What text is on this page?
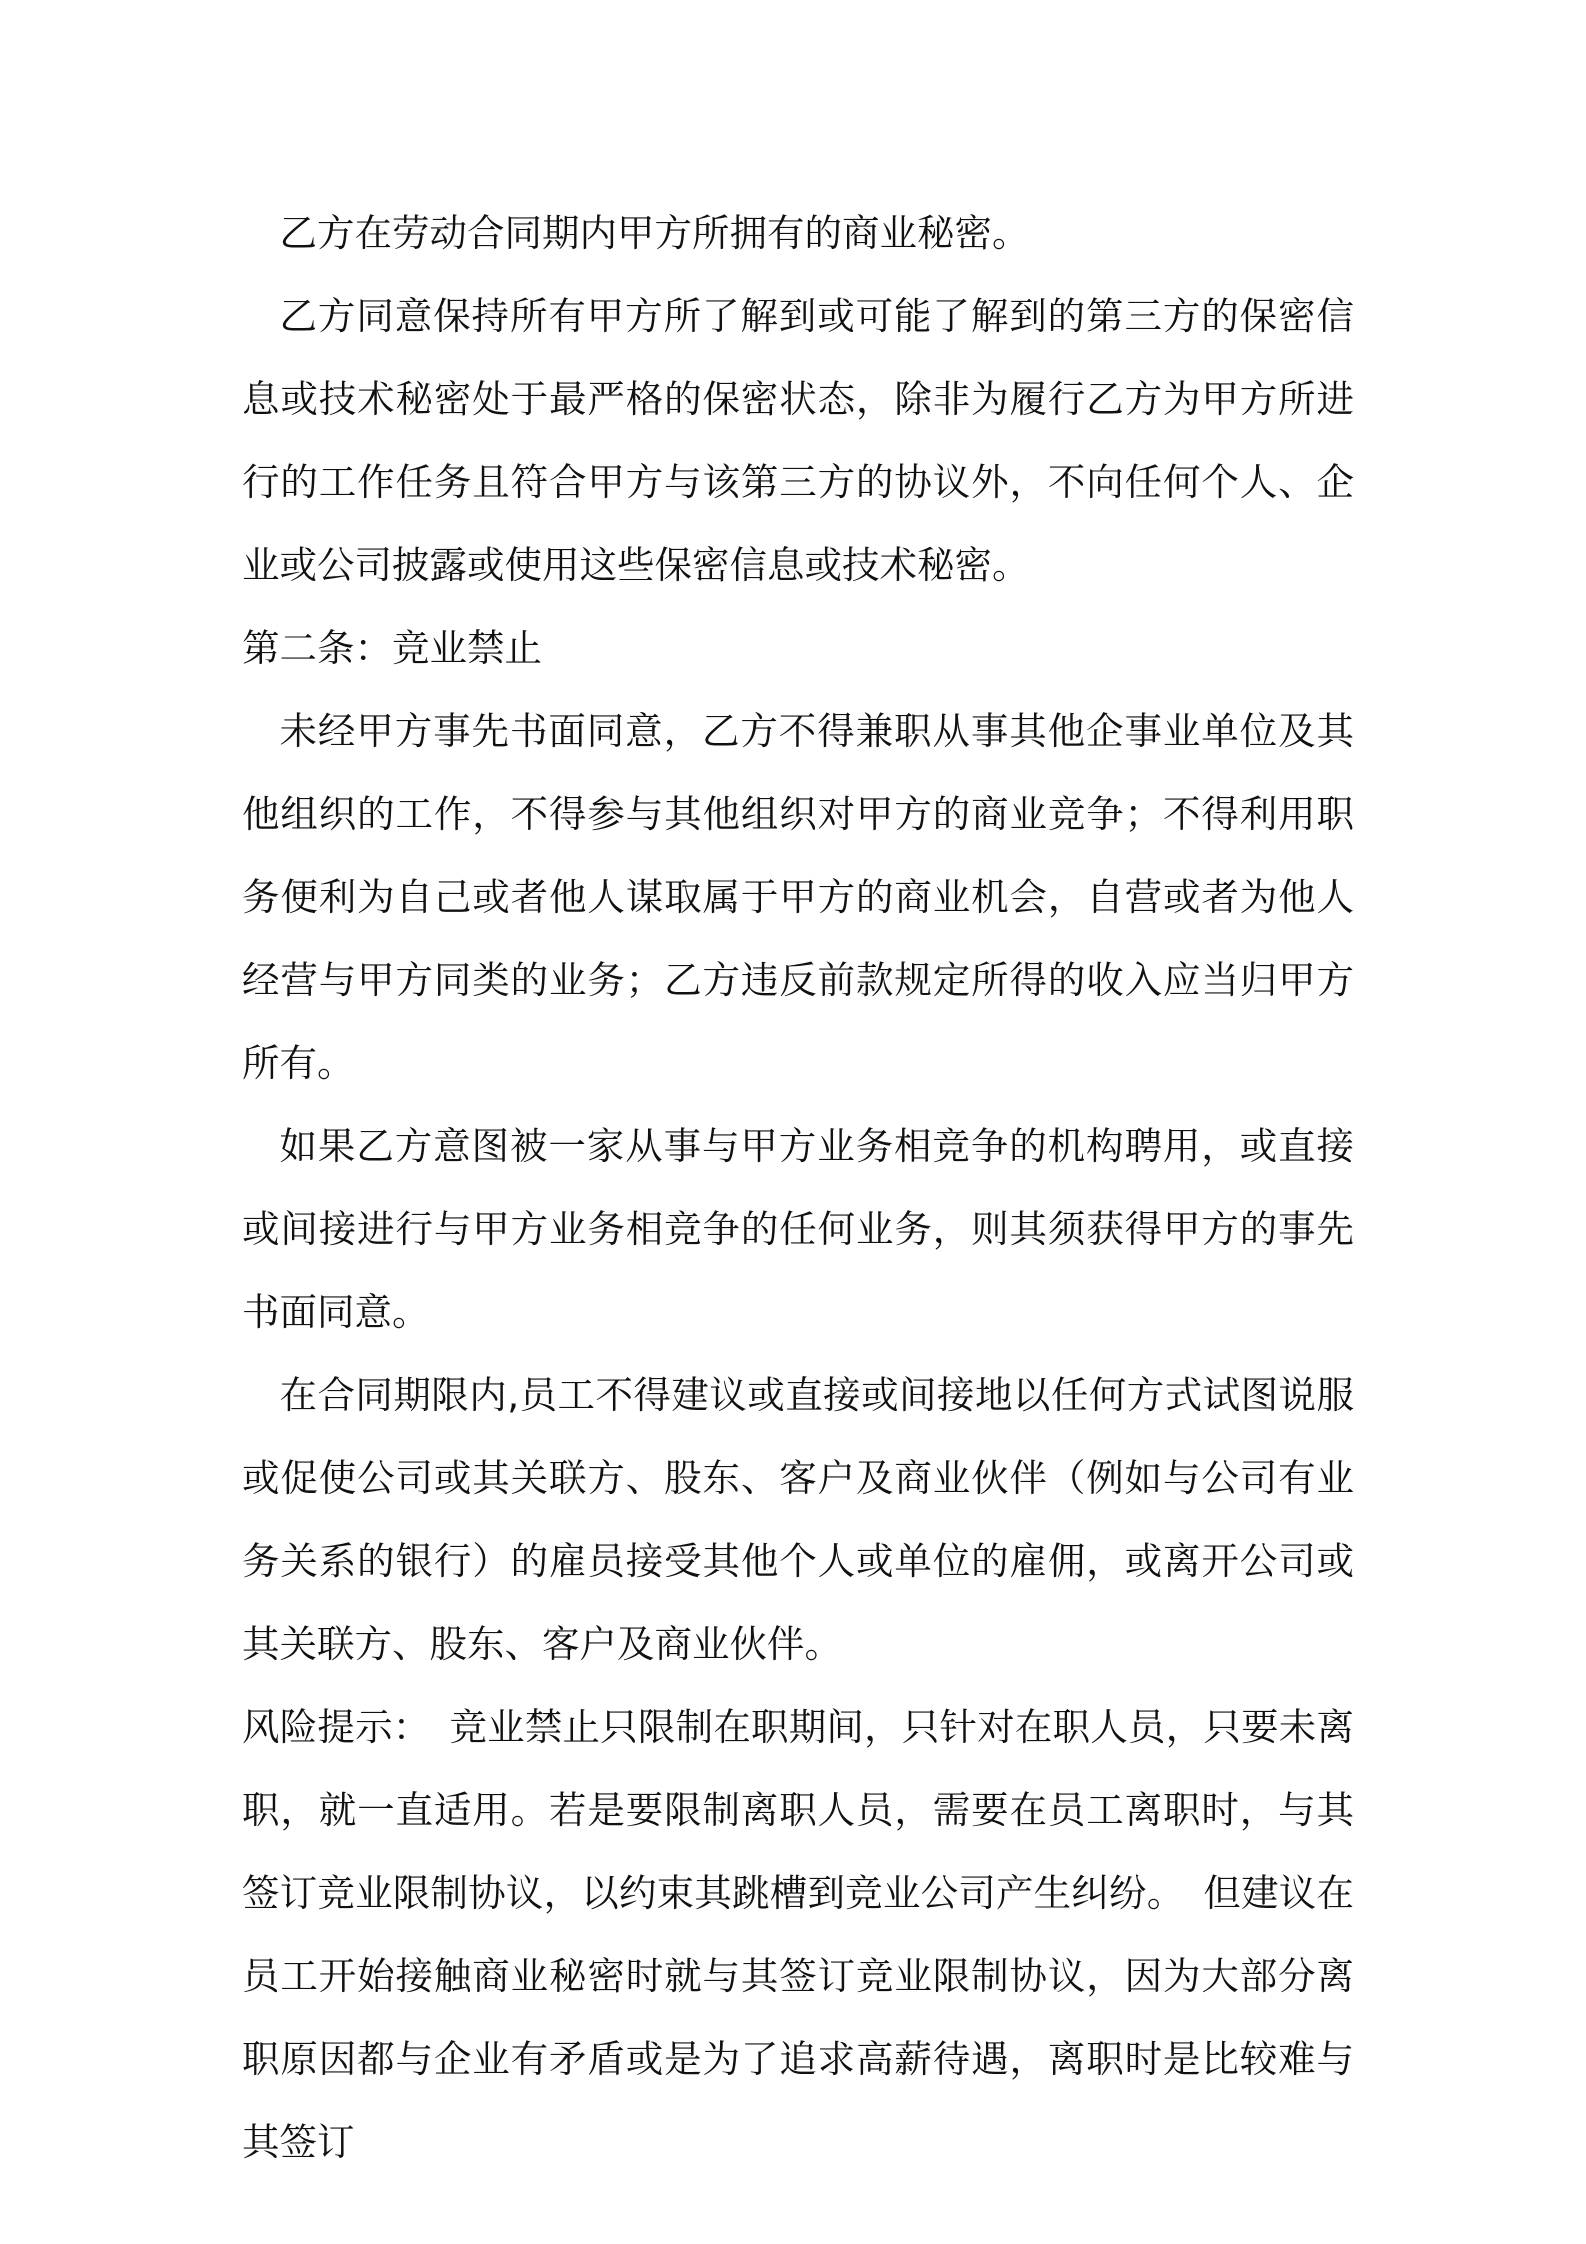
乙方在劳动合同期内甲方所拥有的商业秘密。

乙方同意保持所有甲方所了解到或可能了解到的第三方的保密信息或技术秘密处于最严格的保密状态，除非为履行乙方为甲方所进行的工作任务且符合甲方与该第三方的协议外，不向任何个人、企业或公司披露或使用这些保密信息或技术秘密。

第二条：竞业禁止

未经甲方事先书面同意，乙方不得兼职从事其他企事业单位及其他组织的工作，不得参与其他组织对甲方的商业竞争；不得利用职务便利为自己或者他人谋取属于甲方的商业机会，自营或者为他人经营与甲方同类的业务；乙方违反前款规定所得的收入应当归甲方所有。

如果乙方意图被一家从事与甲方业务相竞争的机构聘用，或直接或间接进行与甲方业务相竞争的任何业务，则其须获得甲方的事先书面同意。

在合同期限内,员工不得建议或直接或间接地以任何方式试图说服或促使公司或其关联方、股东、客户及商业伙伴（例如与公司有业务关系的银行）的雇员接受其他个人或单位的雇佣，或离开公司或其关联方、股东、客户及商业伙伴。

风险提示：　竞业禁止只限制在职期间，只针对在职人员，只要未离职，就一直适用。若是要限制离职人员，需要在员工离职时，与其签订竞业限制协议，以约束其跳槽到竞业公司产生纠纷。　但建议在员工开始接触商业秘密时就与其签订竞业限制协议，因为大部分离职原因都与企业有矛盾或是为了追求高薪待遇，离职时是比较难与其签订
